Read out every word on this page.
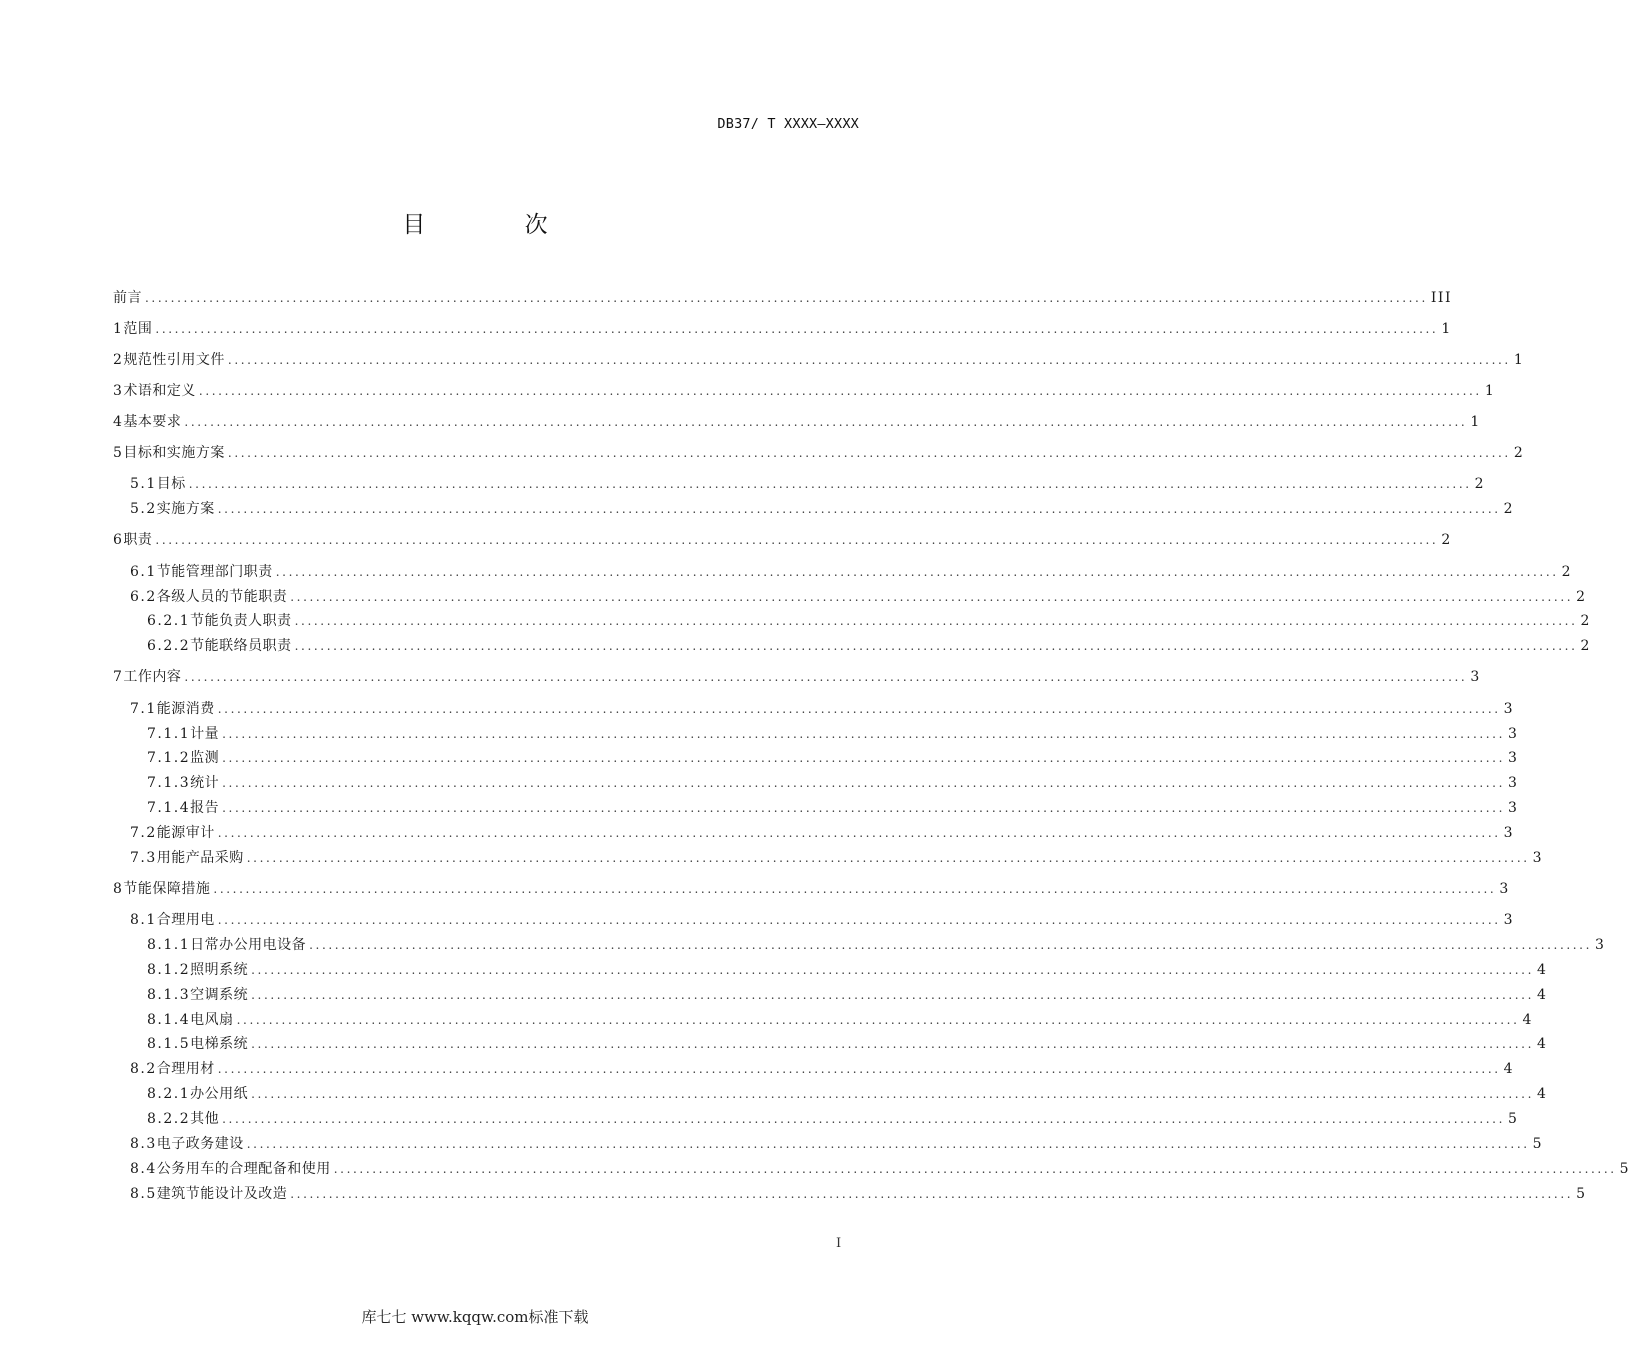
DB37/ T XXXX—XXXX
目 次
前言 ........................................................................................................................................................................................................ III
1 范围 ........................................................................................................................................................................................................ 1
2 规范性引用文件 ........................................................................................................................................................................................................ 1
3 术语和定义 ........................................................................................................................................................................................................ 1
4 基本要求 ........................................................................................................................................................................................................ 1
5 目标和实施方案 ........................................................................................................................................................................................................ 2
5.1 目标 ........................................................................................................................................................................................................ 2
5.2 实施方案 ........................................................................................................................................................................................................ 2
6 职责 ........................................................................................................................................................................................................ 2
6.1 节能管理部门职责 ........................................................................................................................................................................................................ 2
6.2 各级人员的节能职责 ........................................................................................................................................................................................................ 2
6.2.1 节能负责人职责 ........................................................................................................................................................................................................ 2
6.2.2 节能联络员职责 ........................................................................................................................................................................................................ 2
7 工作内容 ........................................................................................................................................................................................................ 3
7.1 能源消费 ........................................................................................................................................................................................................ 3
7.1.1 计量 ........................................................................................................................................................................................................ 3
7.1.2 监测 ........................................................................................................................................................................................................ 3
7.1.3 统计 ........................................................................................................................................................................................................ 3
7.1.4 报告 ........................................................................................................................................................................................................ 3
7.2 能源审计 ........................................................................................................................................................................................................ 3
7.3 用能产品采购 ........................................................................................................................................................................................................ 3
8 节能保障措施 ........................................................................................................................................................................................................ 3
8.1 合理用电 ........................................................................................................................................................................................................ 3
8.1.1 日常办公用电设备 ........................................................................................................................................................................................................ 3
8.1.2 照明系统 ........................................................................................................................................................................................................ 4
8.1.3 空调系统 ........................................................................................................................................................................................................ 4
8.1.4 电风扇 ........................................................................................................................................................................................................ 4
8.1.5 电梯系统 ........................................................................................................................................................................................................ 4
8.2 合理用材 ........................................................................................................................................................................................................ 4
8.2.1 办公用纸 ........................................................................................................................................................................................................ 4
8.2.2 其他 ........................................................................................................................................................................................................ 5
8.3 电子政务建设 ........................................................................................................................................................................................................ 5
8.4 公务用车的合理配备和使用 ........................................................................................................................................................................................................ 5
8.5 建筑节能设计及改造 ........................................................................................................................................................................................................ 5
I
库七七 www.kqqw.com标准下载
